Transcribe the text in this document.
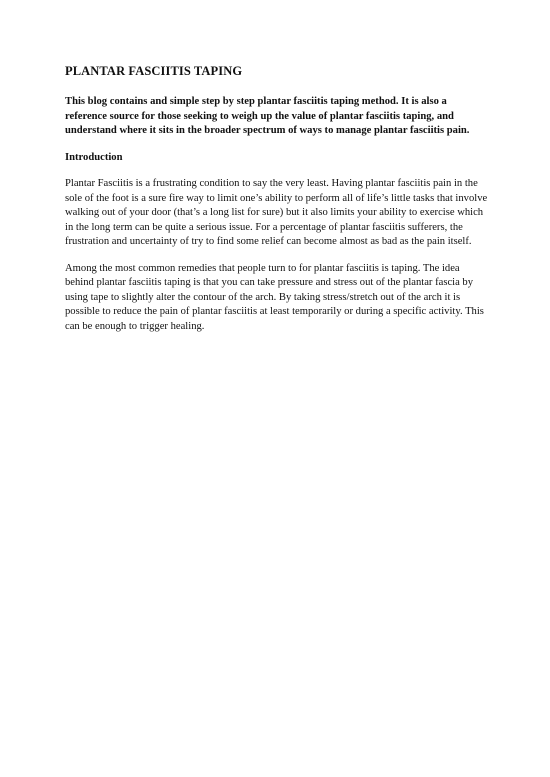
PLANTAR FASCIITIS TAPING

This blog contains and simple step by step plantar fasciitis taping method. It is also a reference source for those seeking to weigh up the value of plantar fasciitis taping, and understand where it sits in the broader spectrum of ways to manage plantar fasciitis pain.

Introduction

Plantar Fasciitis is a frustrating condition to say the very least. Having plantar fasciitis pain in the sole of the foot is a sure fire way to limit one’s ability to perform all of life’s little tasks that involve walking out of your door (that’s a long list for sure) but it also limits your ability to exercise which in the long term can be quite a serious issue. For a percentage of plantar fasciitis sufferers, the frustration and uncertainty of try to find some relief can become almost as bad as the pain itself.

Among the most common remedies that people turn to for plantar fasciitis is taping. The idea behind plantar fasciitis taping is that you can take pressure and stress out of the plantar fascia by using tape to slightly alter the contour of the arch. By taking stress/stretch out of the arch it is possible to reduce the pain of plantar fasciitis at least temporarily or during a specific activity. This can be enough to trigger healing.
